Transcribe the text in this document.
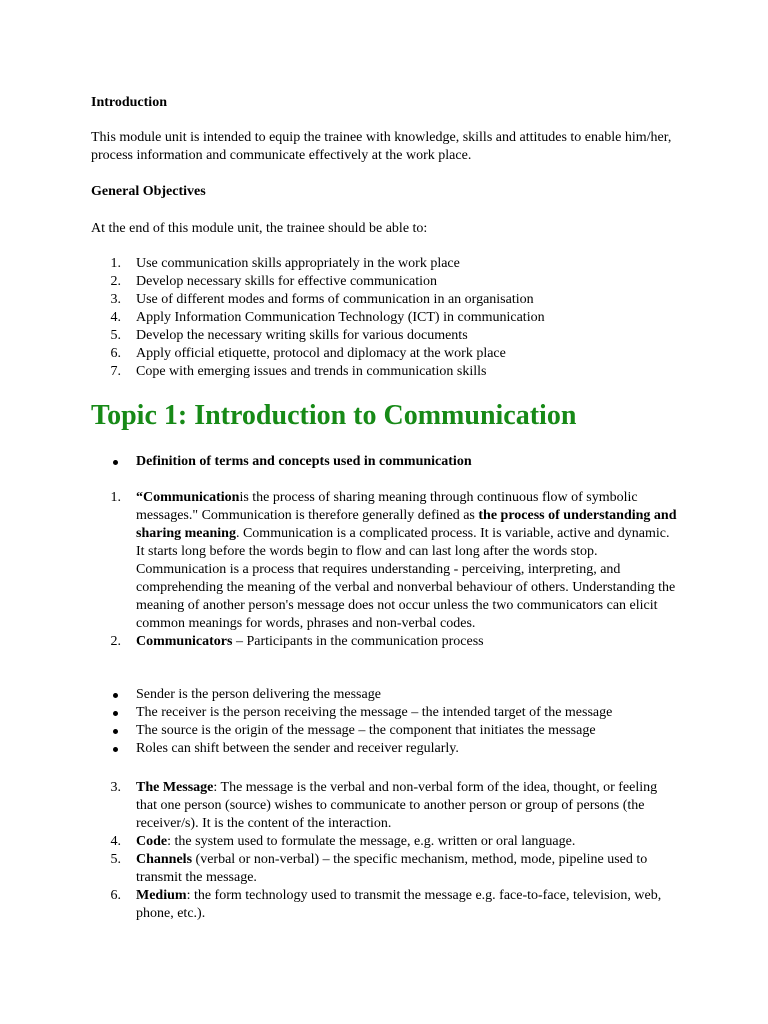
Introduction

This module unit is intended to equip the trainee with knowledge, skills and attitudes to enable him/her, process information and communicate effectively at the work place.

General Objectives

At the end of this module unit, the trainee should be able to:

1. Use communication skills appropriately in the work place
2. Develop necessary skills for effective communication
3. Use of different modes and forms of communication in an organisation
4. Apply Information Communication Technology (ICT) in communication
5. Develop the necessary writing skills for various documents
6. Apply official etiquette, protocol and diplomacy at the work place
7. Cope with emerging issues and trends in communication skills
Topic 1: Introduction to Communication
Definition of terms and concepts used in communication
1. “Communicationis the process of sharing meaning through continuous flow of symbolic messages." Communication is therefore generally defined as the process of understanding and sharing meaning. Communication is a complicated process. It is variable, active and dynamic. It starts long before the words begin to flow and can last long after the words stop. Communication is a process that requires understanding - perceiving, interpreting, and comprehending the meaning of the verbal and nonverbal behaviour of others. Understanding the meaning of another person's message does not occur unless the two communicators can elicit common meanings for words, phrases and non-verbal codes.
2. Communicators – Participants in the communication process
Sender is the person delivering the message
The receiver is the person receiving the message – the intended target of the message
The source is the origin of the message – the component that initiates the message
Roles can shift between the sender and receiver regularly.
3. The Message: The message is the verbal and non-verbal form of the idea, thought, or feeling that one person (source) wishes to communicate to another person or group of persons (the receiver/s). It is the content of the interaction.
4. Code: the system used to formulate the message, e.g. written or oral language.
5. Channels (verbal or non-verbal) – the specific mechanism, method, mode, pipeline used to transmit the message.
6. Medium: the form technology used to transmit the message e.g. face-to-face, television, web, phone, etc.).
